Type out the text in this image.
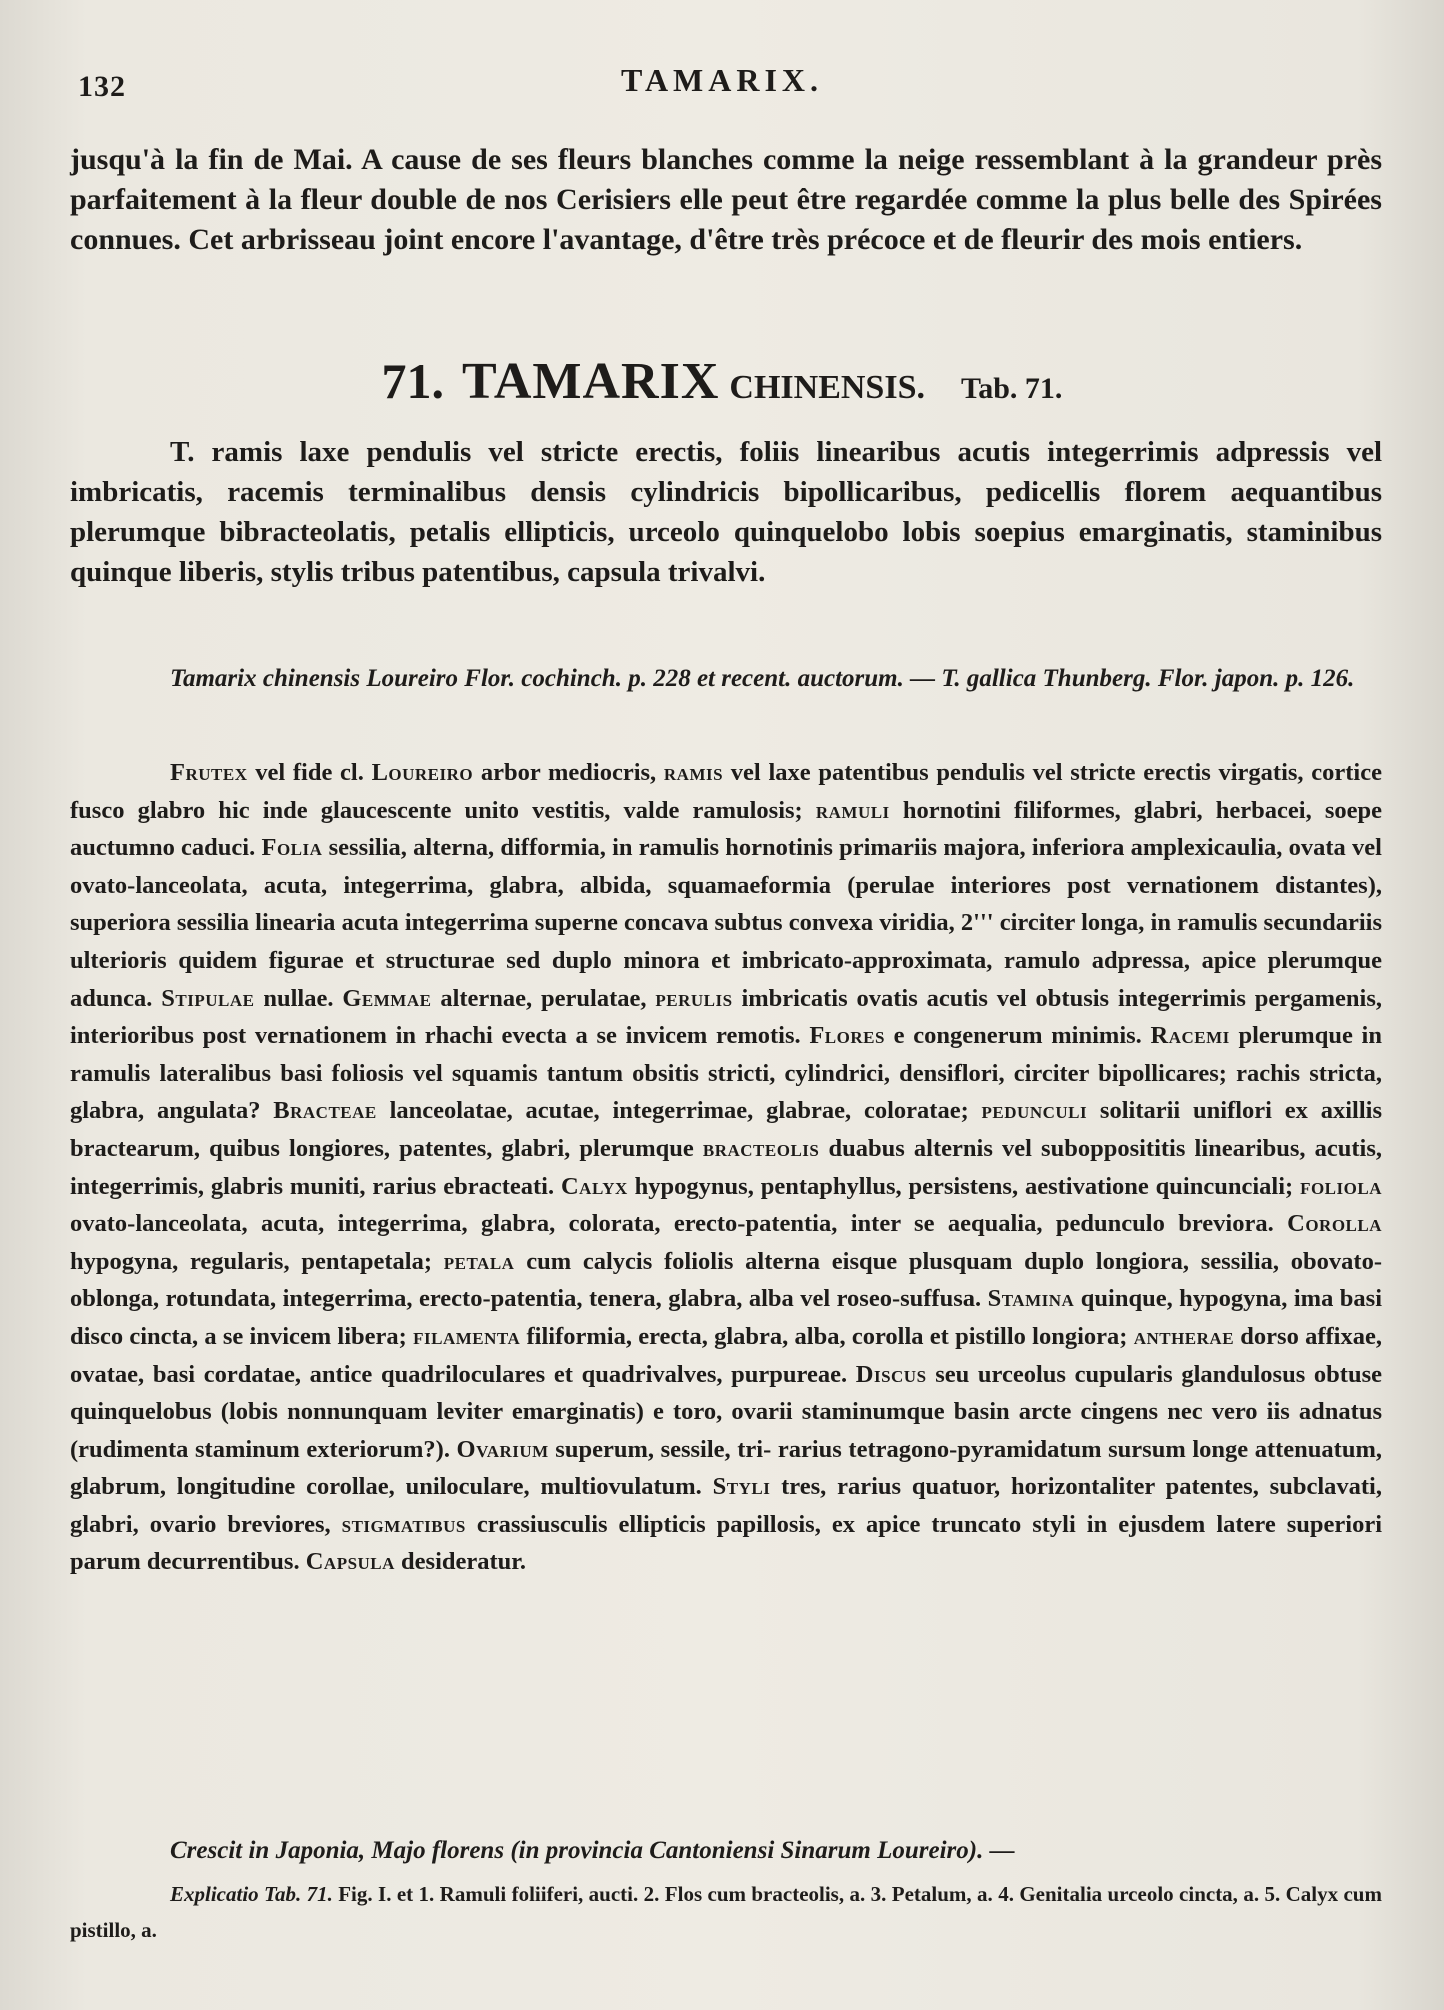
132	TAMARIX.

jusqu'à la fin de Mai. A cause de ses fleurs blanches comme la neige ressemblant à la grandeur près parfaitement à la fleur double de nos Cerisiers elle peut être regardée comme la plus belle des Spirées connues. Cet arbrisseau joint encore l'avantage, d'être très précoce et de fleurir des mois entiers.

71. TAMARIX CHINENSIS. Tab. 71.

T. ramis laxe pendulis vel stricte erectis, foliis linearibus acutis integerrimis adpressis vel imbricatis, racemis terminalibus densis cylindricis bipollicaribus, pedicellis florem aequantibus plerumque bibracteolatis, petalis ellipticis, urceolo quinquelobo lobis soepius emarginatis, staminibus quinque liberis, stylis tribus patentibus, capsula trivalvi.

Tamarix chinensis Loureiro Flor. cochinch. p. 228 et recent. auctorum. — T. gallica Thunberg. Flor. japon. p. 126.

Frutex vel fide cl. Loureiro arbor mediocris, ramis vel laxe patentibus pendulis vel stricte erectis virgatis, cortice fusco glabro hic inde glaucescente unito vestitis, valde ramulosis; ramuli hornotini filiformes, glabri, herbacei, soepe auctumno caduci. Folia sessilia, alterna, difformia, in ramulis hornotinis primariis majora, inferiora amplexicaulia, ovata vel ovato-lanceolata, acuta, integerrima, glabra, albida, squamaeformia (perulae interiores post vernationem distantes), superiora sessilia linearia acuta integerrima superne concava subtus convexa viridia, 2''' circiter longa, in ramulis secundariis ulterioris quidem figurae et structurae sed duplo minora et imbricato-approximata, ramulo adpressa, apice plerumque adunca. Stipulae nullae. Gemmae alternae, perulatae, perulis imbricatis ovatis acutis vel obtusis integerrimis pergamenis, interioribus post vernationem in rhachi evecta a se invicem remotis. Flores e congenerum minimis. Racemi plerumque in ramulis lateralibus basi foliosis vel squamis tantum obsitis stricti, cylindrici, densiflori, circiter bipollicares; rachis stricta, glabra, angulata? Bracteae lanceolatae, acutae, integerrimae, glabrae, coloratae; pedunculi solitarii uniflori ex axillis bractearum, quibus longiores, patentes, glabri, plerumque bracteolis duabus alternis vel subopposititis linearibus, acutis, integerrimis, glabris muniti, rarius ebracteati. Calyx hypogynus, pentaphyllus, persistens, aestivatione quincunciali; foliola ovato-lanceolata, acuta, integerrima, glabra, colorata, erecto-patentia, inter se aequalia, pedunculo breviora. Corolla hypogyna, regularis, pentapetala; petala cum calycis foliolis alterna eisque plusquam duplo longiora, sessilia, obovato-oblonga, rotundata, integerrima, erecto-patentia, tenera, glabra, alba vel roseo-suffusa. Stamina quinque, hypogyna, ima basi disco cincta, a se invicem libera; filamenta filiformia, erecta, glabra, alba, corolla et pistillo longiora; antherae dorso affixae, ovatae, basi cordatae, antice quadriloculares et quadrivalves, purpureae. Discus seu urceolus cupularis glandulosus obtuse quinquelobus (lobis nonnunquam leviter emarginatis) e toro, ovarii staminumque basin arcte cingens nec vero iis adnatus (rudimenta staminum exteriorum?). Ovarium superum, sessile, tri- rarius tetragono-pyramidatum sursum longe attenuatum, glabrum, longitudine corollae, uniloculare, multiovulatum. Styli tres, rarius quatuor, horizontaliter patentes, subclavati, glabri, ovario breviores, stigmatibus crassiusculis ellipticis papillosis, ex apice truncato styli in ejusdem latere superiori parum decurrentibus. Capsula desideratur.

Crescit in Japonia, Majo florens (in provincia Cantoniensi Sinarum Loureiro). —

Explicatio Tab. 71. Fig. I. et 1. Ramuli foliiferi, aucti. 2. Flos cum bracteolis, a. 3. Petalum, a. 4. Genitalia urceolo cincta, a. 5. Calyx cum pistillo, a.
